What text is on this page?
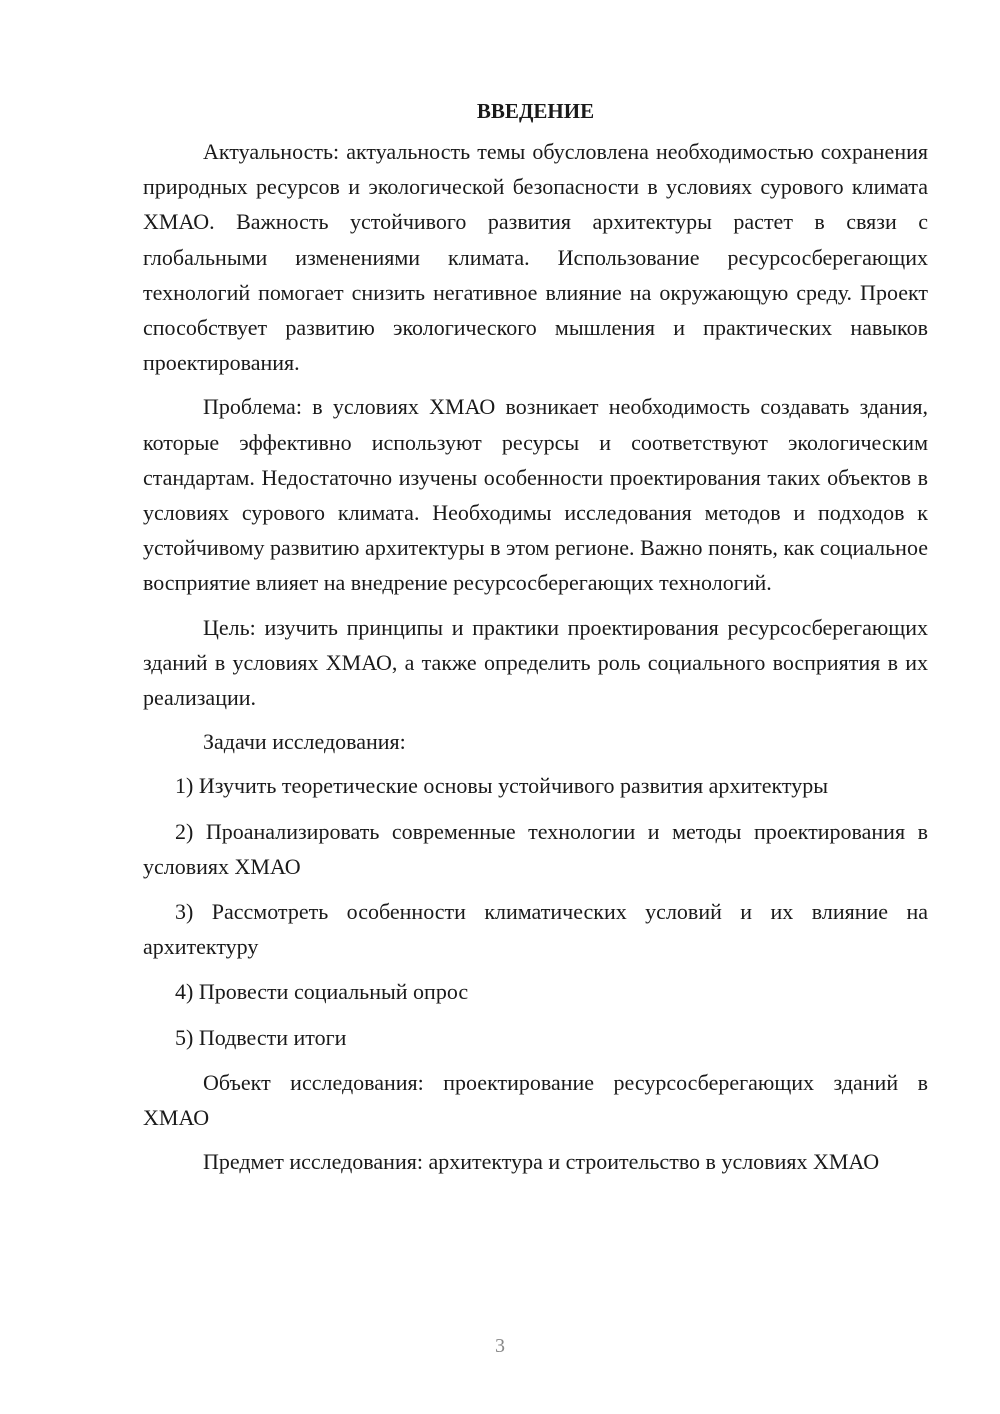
ВВЕДЕНИЕ

Актуальность: актуальность темы обусловлена необходимостью сохранения природных ресурсов и экологической безопасности в условиях сурового климата ХМАО. Важность устойчивого развития архитектуры растет в связи с глобальными изменениями климата. Использование ресурсосберегающих технологий помогает снизить негативное влияние на окружающую среду. Проект способствует развитию экологического мышления и практических навыков проектирования.

Проблема: в условиях ХМАО возникает необходимость создавать здания, которые эффективно используют ресурсы и соответствуют экологическим стандартам. Недостаточно изучены особенности проектирования таких объектов в условиях сурового климата. Необходимы исследования методов и подходов к устойчивому развитию архитектуры в этом регионе. Важно понять, как социальное восприятие влияет на внедрение ресурсосберегающих технологий.

Цель: изучить принципы и практики проектирования ресурсосберегающих зданий в условиях ХМАО, а также определить роль социального восприятия в их реализации.

Задачи исследования:

1) Изучить теоретические основы устойчивого развития архитектуры

2) Проанализировать современные технологии и методы проектирования в условиях ХМАО

3) Рассмотреть особенности климатических условий и их влияние на архитектуру

4) Провести социальный опрос

5) Подвести итоги

Объект исследования: проектирование ресурсосберегающих зданий в ХМАО

Предмет исследования: архитектура и строительство в условиях ХМАО

3
